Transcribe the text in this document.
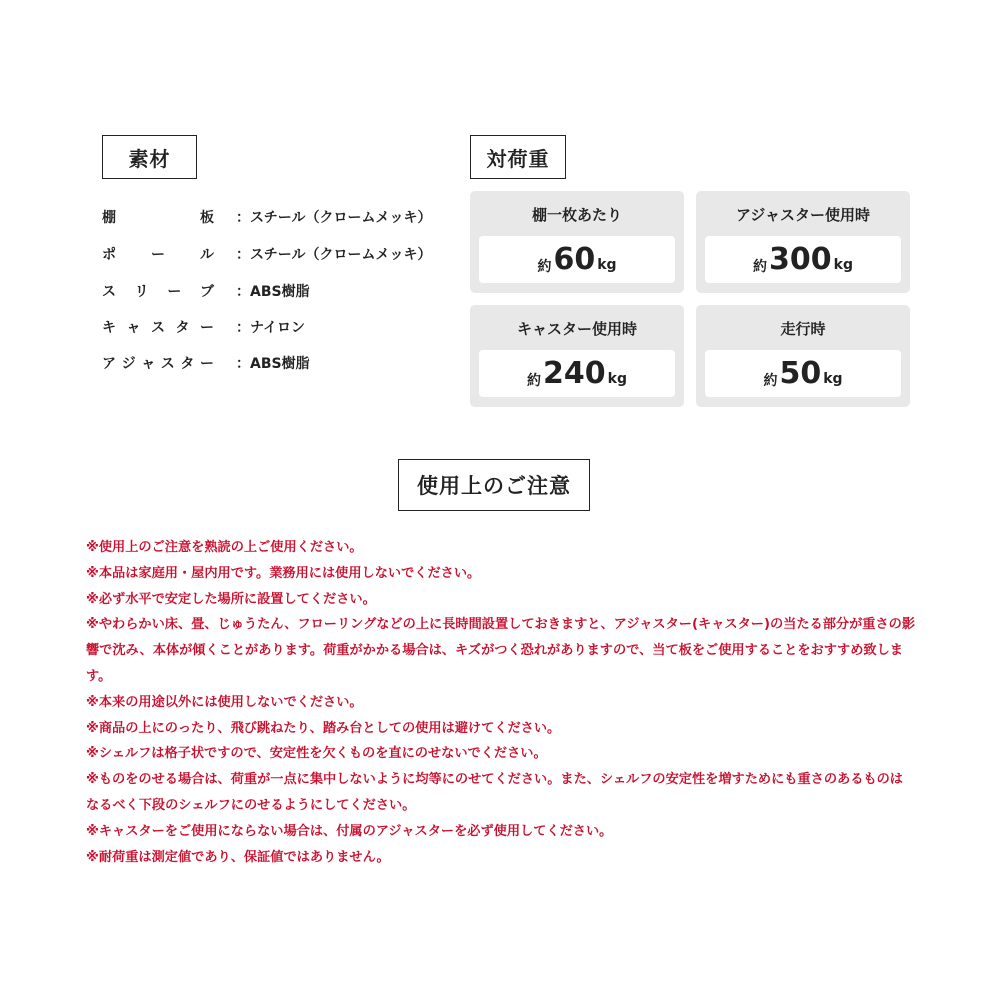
素材	対荷重
棚	板 ： スチール（クロームメッキ）
ポ	ー	ル ： スチール（クロームメッキ）
ス リ ー ブ ： ABS樹脂
キ ャ ス タ ー ： ナイロン
ア ジ ャ ス タ ー ： ABS樹脂
棚一枚あたり
約 60 kg
アジャスター使用時
約 300 kg
キャスター使用時
約 240 kg
走行時
約 50 kg
使用上のご注意
※使用上のご注意を熟読の上ご使用ください。
※本品は家庭用・屋内用です。業務用には使用しないでください。
※必ず水平で安定した場所に設置してください。
※やわらかい床、畳、じゅうたん、フローリングなどの上に長時間設置しておきますと、アジャスター(キャスター)の当たる部分が重さの影響で沈み、本体が傾くことがあります。荷重がかかる場合は、キズがつく恐れがありますので、当て板をご使用することをおすすめ致します。
※本来の用途以外には使用しないでください。
※商品の上にのったり、飛び跳ねたり、踏み台としての使用は避けてください。
※シェルフは格子状ですので、安定性を欠くものを直にのせないでください。
※ものをのせる場合は、荷重が一点に集中しないように均等にのせてください。また、シェルフの安定性を増すためにも重さのあるものはなるべく下段のシェルフにのせるようにしてください。
※キャスターをご使用にならない場合は、付属のアジャスターを必ず使用してください。
※耐荷重は測定値であり、保証値ではありません。
